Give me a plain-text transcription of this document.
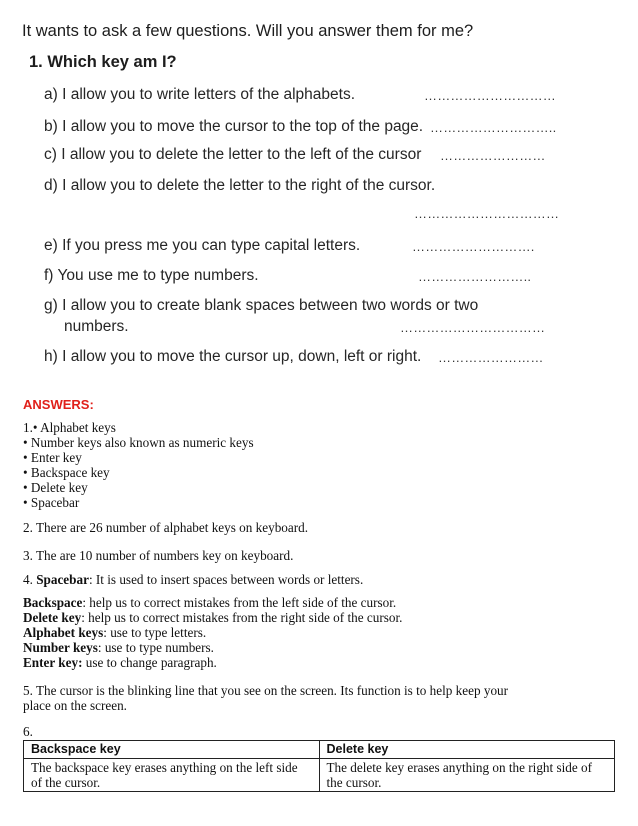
It wants to ask a few questions. Will you answer them for me?
1. Which key am I?
a) I allow you to write letters of the alphabets.	…………………………
b) I allow you to move the cursor to the top of the page. ………………………..
c) I allow you to delete the letter to the left of the cursor ……………………
d) I allow you to delete the letter to the right of the cursor.
……………………………
e) If you press me you can type capital letters.	……………………….
f) You use me to type numbers.	……………………..
g) I allow you to create blank spaces between two words or two
numbers.	……………………………
h) I allow you to move the cursor up, down, left or right. ……………………
ANSWERS:
1.• Alphabet keys
• Number keys also known as numeric keys
• Enter key
• Backspace key
• Delete key
• Spacebar
2. There are 26 number of alphabet keys on keyboard.
3. The are 10 number of numbers key on keyboard.
4. Spacebar: It is used to insert spaces between words or letters.
Backspace: help us to correct mistakes from the left side of the cursor.
Delete key: help us to correct mistakes from the right side of the cursor.
Alphabet keys: use to type letters.
Number keys: use to type numbers.
Enter key: use to change paragraph.
5. The cursor is the blinking line that you see on the screen. Its function is to help keep your
place on the screen.
6.
Backspace key	Delete key
The backspace key erases anything on the left side of the cursor.	The delete key erases anything on the right side of the cursor.
